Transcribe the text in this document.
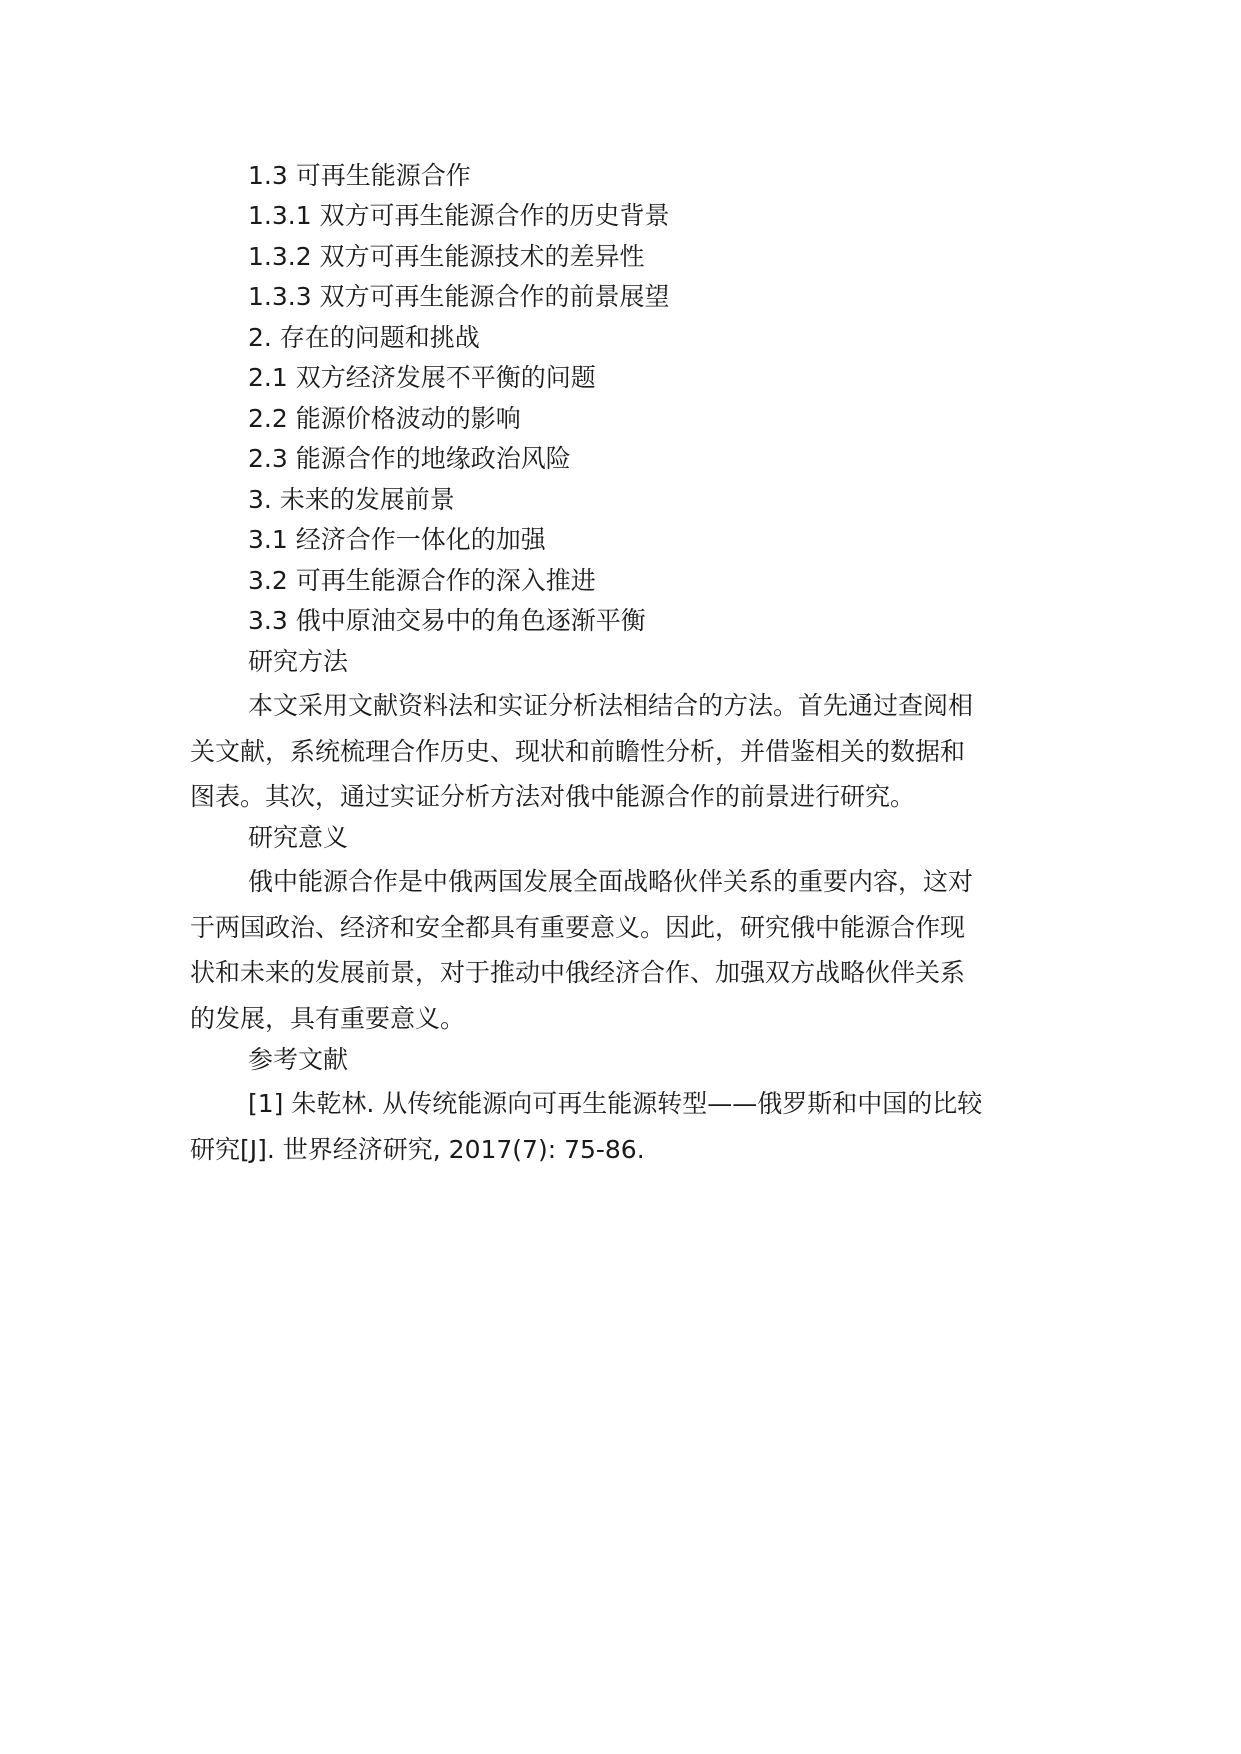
1.3 可再生能源合作

1.3.1 双方可再生能源合作的历史背景

1.3.2 双方可再生能源技术的差异性

1.3.3 双方可再生能源合作的前景展望

2. 存在的问题和挑战

2.1 双方经济发展不平衡的问题

2.2 能源价格波动的影响

2.3 能源合作的地缘政治风险

3. 未来的发展前景

3.1 经济合作一体化的加强

3.2 可再生能源合作的深入推进

3.3 俄中原油交易中的角色逐渐平衡

研究方法

本文采用文献资料法和实证分析法相结合的方法。首先通过查阅相
关文献，系统梳理合作历史、现状和前瞻性分析，并借鉴相关的数据和
图表。其次，通过实证分析方法对俄中能源合作的前景进行研究。

研究意义

俄中能源合作是中俄两国发展全面战略伙伴关系的重要内容，这对
于两国政治、经济和安全都具有重要意义。因此，研究俄中能源合作现
状和未来的发展前景，对于推动中俄经济合作、加强双方战略伙伴关系
的发展，具有重要意义。

参考文献

[1] 朱乾林. 从传统能源向可再生能源转型——俄罗斯和中国的比较
研究[J]. 世界经济研究, 2017(7): 75-86.
